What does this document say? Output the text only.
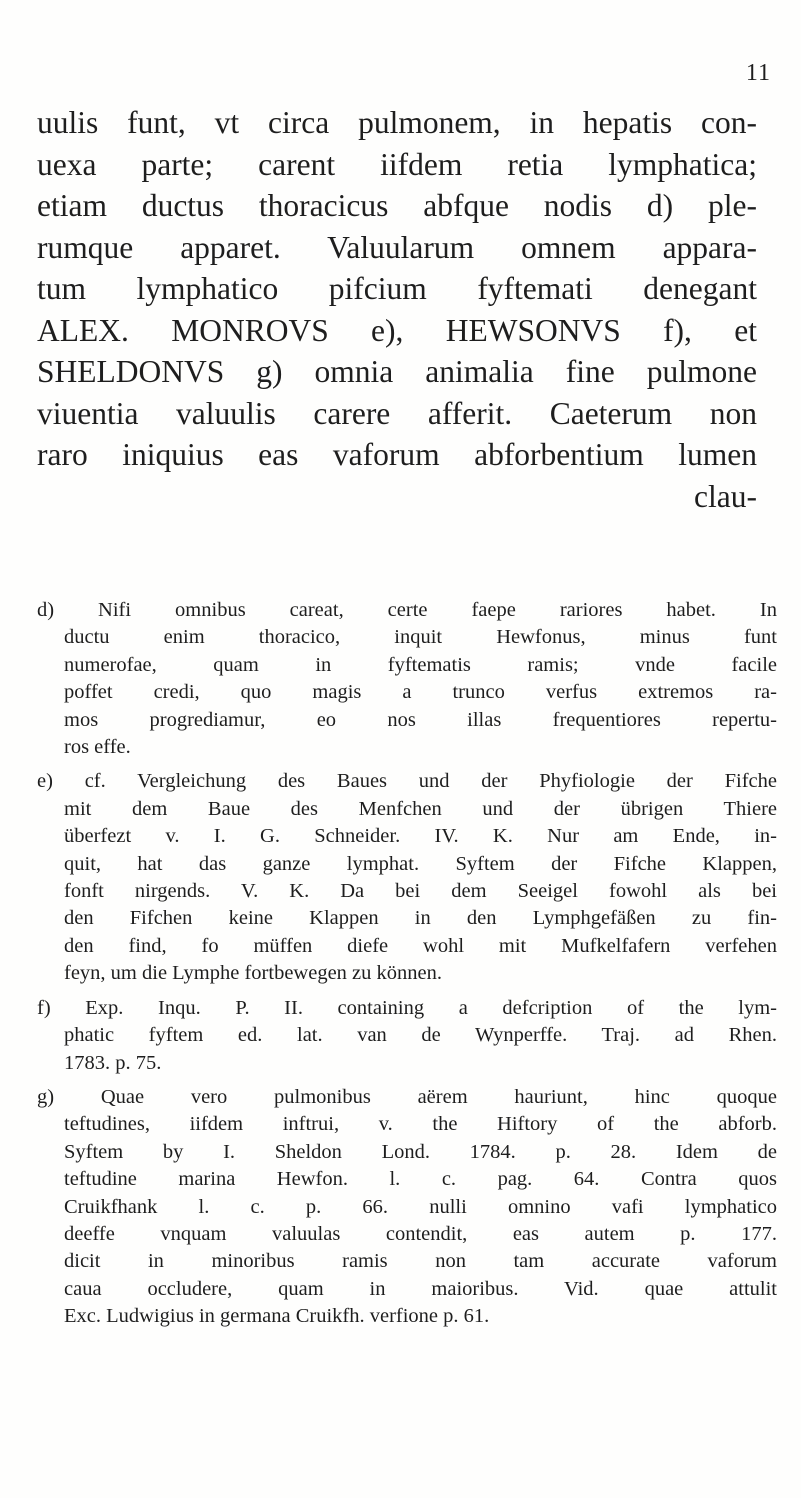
11
uulis funt, vt circa pulmonem, in hepatis con-
uexa parte; carent iifdem retia lymphatica;
etiam ductus thoracicus abfque nodis d) ple-
rumque apparet. Valuularum omnem appara-
tum lymphatico pifcium fyftemati denegant
ALEX. MONROVS e), HEWSONVS f), et
SHELDONVS g) omnia animalia fine pulmone
viuentia valuulis carere afferit. Caeterum non
raro iniquius eas vaforum abforbentium lumen
clau-
d) Nifi omnibus careat, certe faepe rariores habet. In
ductu enim thoracico, inquit Hewfonus, minus funt
numerofae, quam in fyftematis ramis; vnde facile
poffet credi, quo magis a trunco verfus extremos ra-
mos progrediamur, eo nos illas frequentiores repertu-
ros effe.
e) cf. Vergleichung des Baues und der Phyfiologie der Fifche
mit dem Baue des Menfchen und der übrigen Thiere
überfezt v. I. G. Schneider. IV. K. Nur am Ende, in-
quit, hat das ganze lymphat. Syftem der Fifche Klappen,
fonft nirgends. V. K. Da bei dem Seeigel fowohl als bei
den Fifchen keine Klappen in den Lymphgefäßen zu fin-
den find, fo müffen diefe wohl mit Mufkelfafern verfehen
feyn, um die Lymphe fortbewegen zu können.
f) Exp. Inqu. P. II. containing a defcription of the lym-
phatic fyftem ed. lat. van de Wynperffe. Traj. ad Rhen.
1783. p. 75.
g) Quae vero pulmonibus aërem hauriunt, hinc quoque
teftudines, iifdem inftrui, v. the Hiftory of the abforb.
Syftem by I. Sheldon Lond. 1784. p. 28. Idem de
teftudine marina Hewfon. l. c. pag. 64. Contra quos
Cruikfhank l. c. p. 66. nulli omnino vafi lymphatico
deeffe vnquam valuulas contendit, eas autem p. 177.
dicit in minoribus ramis non tam accurate vaforum
caua occludere, quam in maioribus. Vid. quae attulit
Exc. Ludwigius in germana Cruikfh. verfione p. 61.
